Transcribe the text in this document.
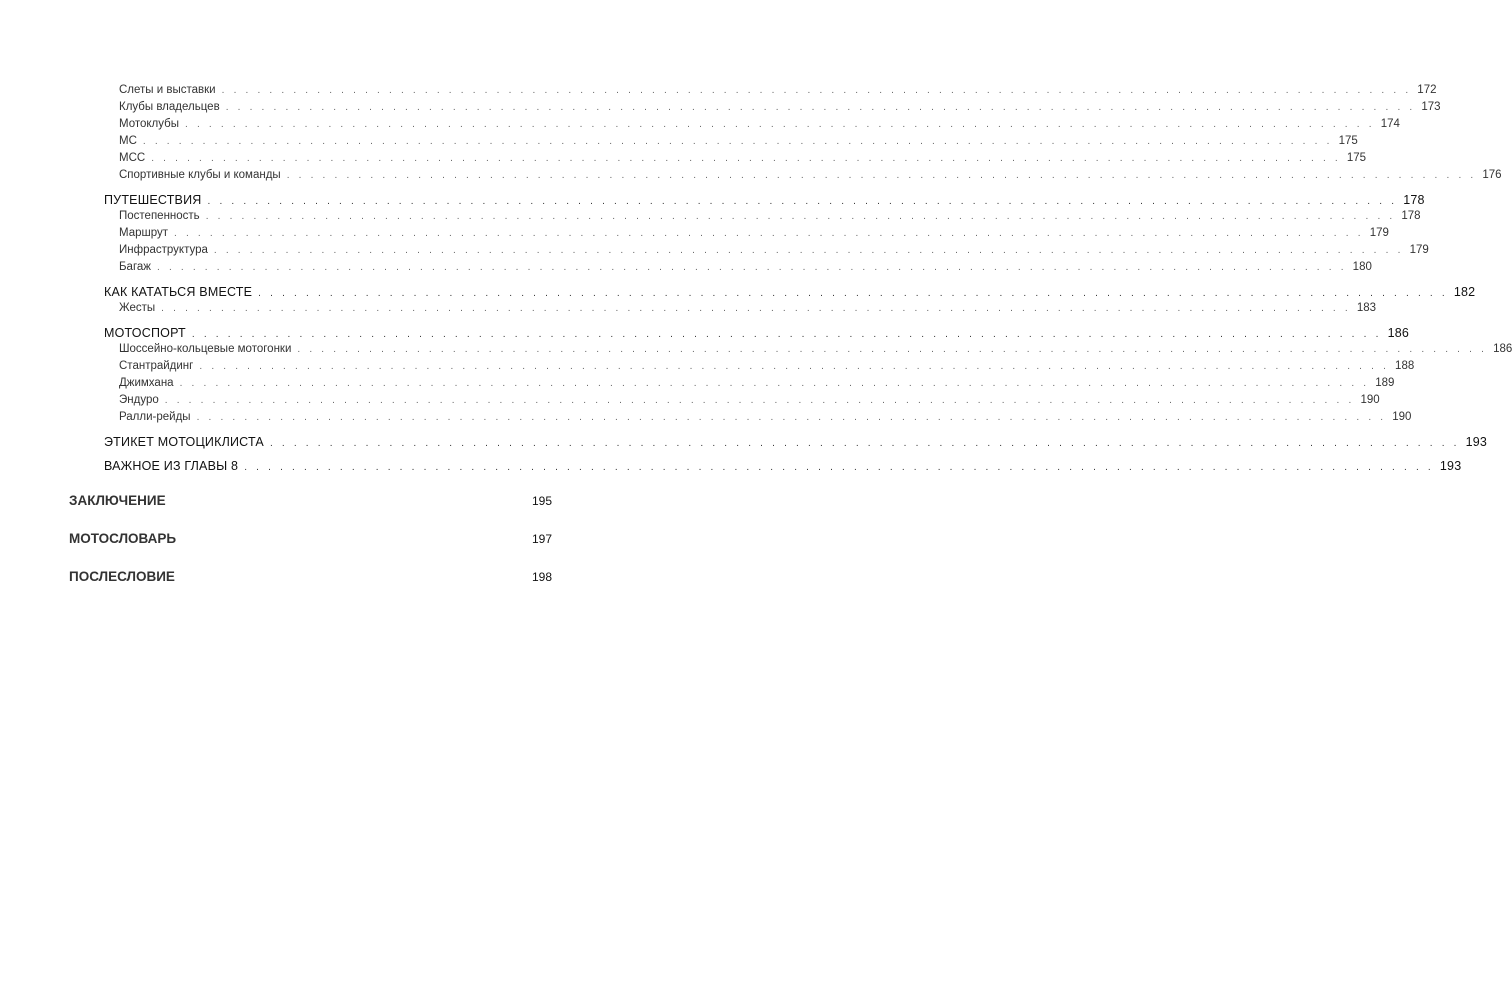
Слеты и выставки . . . . . . . . . . . . . . . . . . . . . . . . . . . . . . . . . . . . . . . . . . . . . . . . . . . . . . . . . . . . . . . . . . . . . . . . . . . . . . . . . . . . . . . . . . . . . . . . . . . . 172
Клубы владельцев . . . . . . . . . . . . . . . . . . . . . . . . . . . . . . . . . . . . . . . . . . . . . . . . . . . . . . . . . . . . . . . . . . . . . . . . . . . . . . . . . . . . . . . . . . . . . . . . . . . . 173
Мотоклубы . . . . . . . . . . . . . . . . . . . . . . . . . . . . . . . . . . . . . . . . . . . . . . . . . . . . . . . . . . . . . . . . . . . . . . . . . . . . . . . . . . . . . . . . . . . . . . . . . . . . 174
МС . . . . . . . . . . . . . . . . . . . . . . . . . . . . . . . . . . . . . . . . . . . . . . . . . . . . . . . . . . . . . . . . . . . . . . . . . . . . . . . . . . . . . . . . . . . . . . . . . . . . 175
МСС . . . . . . . . . . . . . . . . . . . . . . . . . . . . . . . . . . . . . . . . . . . . . . . . . . . . . . . . . . . . . . . . . . . . . . . . . . . . . . . . . . . . . . . . . . . . . . . . . . . . 175
Спортивные клубы и команды . . . . . . . . . . . . . . . . . . . . . . . . . . . . . . . . . . . . . . . . . . . . . . . . . . . . . . . . . . . . . . . . . . . . . . . . . . . . . . . . . . . . . . . . . . . . . . . . . . . . 176
ПУТЕШЕСТВИЯ . . . . . . . . . . . . . . . . . . . . . . . . . . . . . . . . . . . . . . . . . . . . . . . . . . . . . . . . . . . . . . . . . . . . . . . . . . . . . . . . . . . . . . . . . . . . . . . . . . . . 178
Постепенность . . . . . . . . . . . . . . . . . . . . . . . . . . . . . . . . . . . . . . . . . . . . . . . . . . . . . . . . . . . . . . . . . . . . . . . . . . . . . . . . . . . . . . . . . . . . . . . . . . . . 178
Маршрут . . . . . . . . . . . . . . . . . . . . . . . . . . . . . . . . . . . . . . . . . . . . . . . . . . . . . . . . . . . . . . . . . . . . . . . . . . . . . . . . . . . . . . . . . . . . . . . . . . . . 179
Инфраструктура . . . . . . . . . . . . . . . . . . . . . . . . . . . . . . . . . . . . . . . . . . . . . . . . . . . . . . . . . . . . . . . . . . . . . . . . . . . . . . . . . . . . . . . . . . . . . . . . . . . . 179
Багаж . . . . . . . . . . . . . . . . . . . . . . . . . . . . . . . . . . . . . . . . . . . . . . . . . . . . . . . . . . . . . . . . . . . . . . . . . . . . . . . . . . . . . . . . . . . . . . . . . . . . 180
КАК КАТАТЬСЯ ВМЕСТЕ . . . . . . . . . . . . . . . . . . . . . . . . . . . . . . . . . . . . . . . . . . . . . . . . . . . . . . . . . . . . . . . . . . . . . . . . . . . . . . . . . . . . . . . . . . . . . . . . . . . . 182
Жесты . . . . . . . . . . . . . . . . . . . . . . . . . . . . . . . . . . . . . . . . . . . . . . . . . . . . . . . . . . . . . . . . . . . . . . . . . . . . . . . . . . . . . . . . . . . . . . . . . . . . 183
МОТОСПОРТ . . . . . . . . . . . . . . . . . . . . . . . . . . . . . . . . . . . . . . . . . . . . . . . . . . . . . . . . . . . . . . . . . . . . . . . . . . . . . . . . . . . . . . . . . . . . . . . . . . . . 186
Шоссейно-кольцевые мотогонки . . . . . . . . . . . . . . . . . . . . . . . . . . . . . . . . . . . . . . . . . . . . . . . . . . . . . . . . . . . . . . . . . . . . . . . . . . . . . . . . . . . . . . . . . . . . . . . . . . . . 186
Стантрайдинг . . . . . . . . . . . . . . . . . . . . . . . . . . . . . . . . . . . . . . . . . . . . . . . . . . . . . . . . . . . . . . . . . . . . . . . . . . . . . . . . . . . . . . . . . . . . . . . . . . . . 188
Джимхана . . . . . . . . . . . . . . . . . . . . . . . . . . . . . . . . . . . . . . . . . . . . . . . . . . . . . . . . . . . . . . . . . . . . . . . . . . . . . . . . . . . . . . . . . . . . . . . . . . . . 189
Эндуро . . . . . . . . . . . . . . . . . . . . . . . . . . . . . . . . . . . . . . . . . . . . . . . . . . . . . . . . . . . . . . . . . . . . . . . . . . . . . . . . . . . . . . . . . . . . . . . . . . . . 190
Ралли-рейды . . . . . . . . . . . . . . . . . . . . . . . . . . . . . . . . . . . . . . . . . . . . . . . . . . . . . . . . . . . . . . . . . . . . . . . . . . . . . . . . . . . . . . . . . . . . . . . . . . . . 190
ЭТИКЕТ МОТОЦИКЛИСТА . . . . . . . . . . . . . . . . . . . . . . . . . . . . . . . . . . . . . . . . . . . . . . . . . . . . . . . . . . . . . . . . . . . . . . . . . . . . . . . . . . . . . . . . . . . . . . . . . . . . 193
ВАЖНОЕ ИЗ ГЛАВЫ 8 . . . . . . . . . . . . . . . . . . . . . . . . . . . . . . . . . . . . . . . . . . . . . . . . . . . . . . . . . . . . . . . . . . . . . . . . . . . . . . . . . . . . . . . . . . . . . . . . . . . . 193
ЗАКЛЮЧЕНИЕ	195
МОТОСЛОВАРЬ	197
ПОСЛЕСЛОВИЕ	198
